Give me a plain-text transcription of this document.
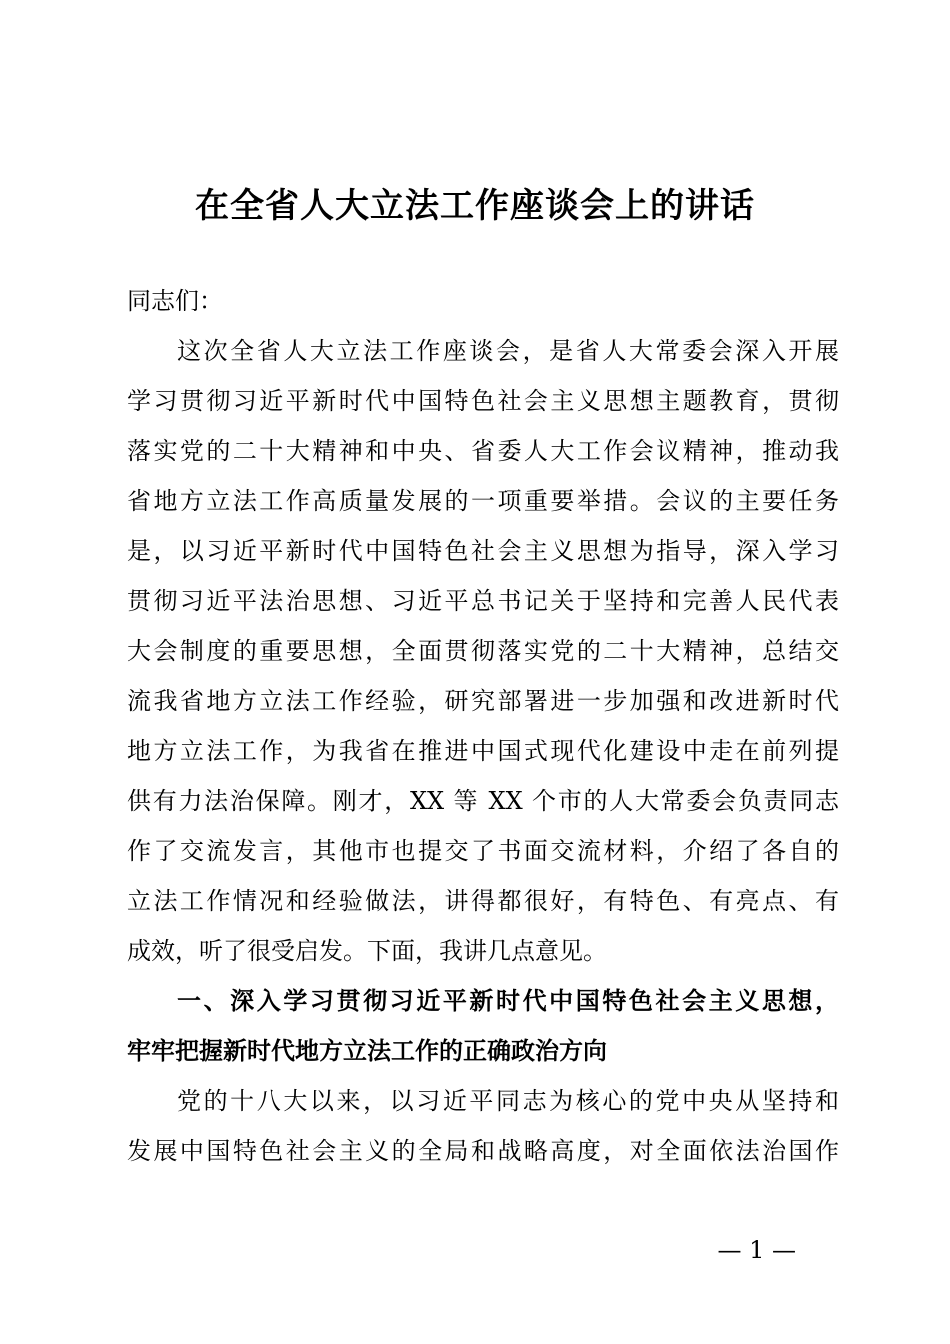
在全省人大立法工作座谈会上的讲话
同志们：
这次全省人大立法工作座谈会，是省人大常委会深入开展
学习贯彻习近平新时代中国特色社会主义思想主题教育，贯彻
落实党的二十大精神和中央、省委人大工作会议精神，推动我
省地方立法工作高质量发展的一项重要举措。会议的主要任务
是，以习近平新时代中国特色社会主义思想为指导，深入学习
贯彻习近平法治思想、习近平总书记关于坚持和完善人民代表
大会制度的重要思想，全面贯彻落实党的二十大精神，总结交
流我省地方立法工作经验，研究部署进一步加强和改进新时代
地方立法工作，为我省在推进中国式现代化建设中走在前列提
供有力法治保障。刚才，XX 等 XX 个市的人大常委会负责同志
作了交流发言，其他市也提交了书面交流材料，介绍了各自的
立法工作情况和经验做法，讲得都很好，有特色、有亮点、有
成效，听了很受启发。下面，我讲几点意见。
一、深入学习贯彻习近平新时代中国特色社会主义思想，
牢牢把握新时代地方立法工作的正确政治方向
党的十八大以来，以习近平同志为核心的党中央从坚持和
发展中国特色社会主义的全局和战略高度，对全面依法治国作
— 1 —
